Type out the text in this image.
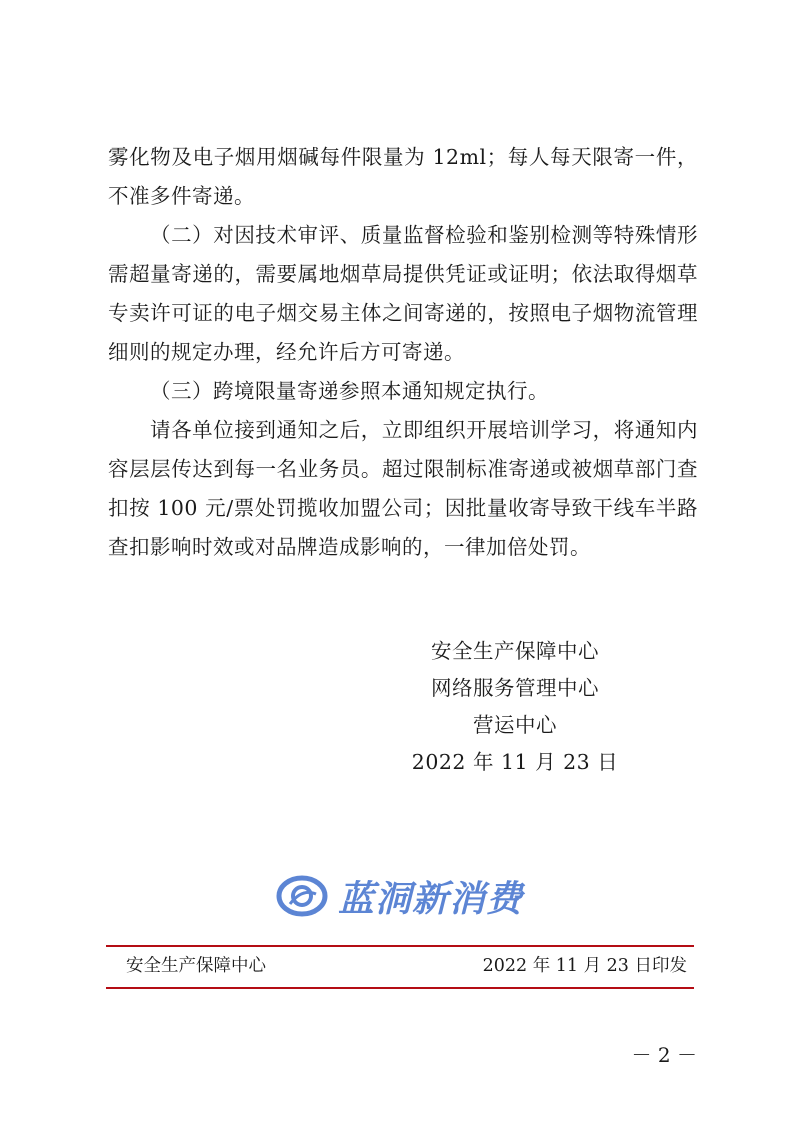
雾化物及电子烟用烟碱每件限量为 12ml；每人每天限寄一件，不准多件寄递。

（二）对因技术审评、质量监督检验和鉴别检测等特殊情形需超量寄递的，需要属地烟草局提供凭证或证明；依法取得烟草专卖许可证的电子烟交易主体之间寄递的，按照电子烟物流管理细则的规定办理，经允许后方可寄递。

（三）跨境限量寄递参照本通知规定执行。

请各单位接到通知之后，立即组织开展培训学习，将通知内容层层传达到每一名业务员。超过限制标准寄递或被烟草部门查扣按 100 元/票处罚揽收加盟公司；因批量收寄导致干线车半路查扣影响时效或对品牌造成影响的，一律加倍处罚。

安全生产保障中心
网络服务管理中心
营运中心
2022 年 11 月 23 日
蓝洞新消费
安全生产保障中心	2022 年 11 月 23 日印发
－ 2 －
